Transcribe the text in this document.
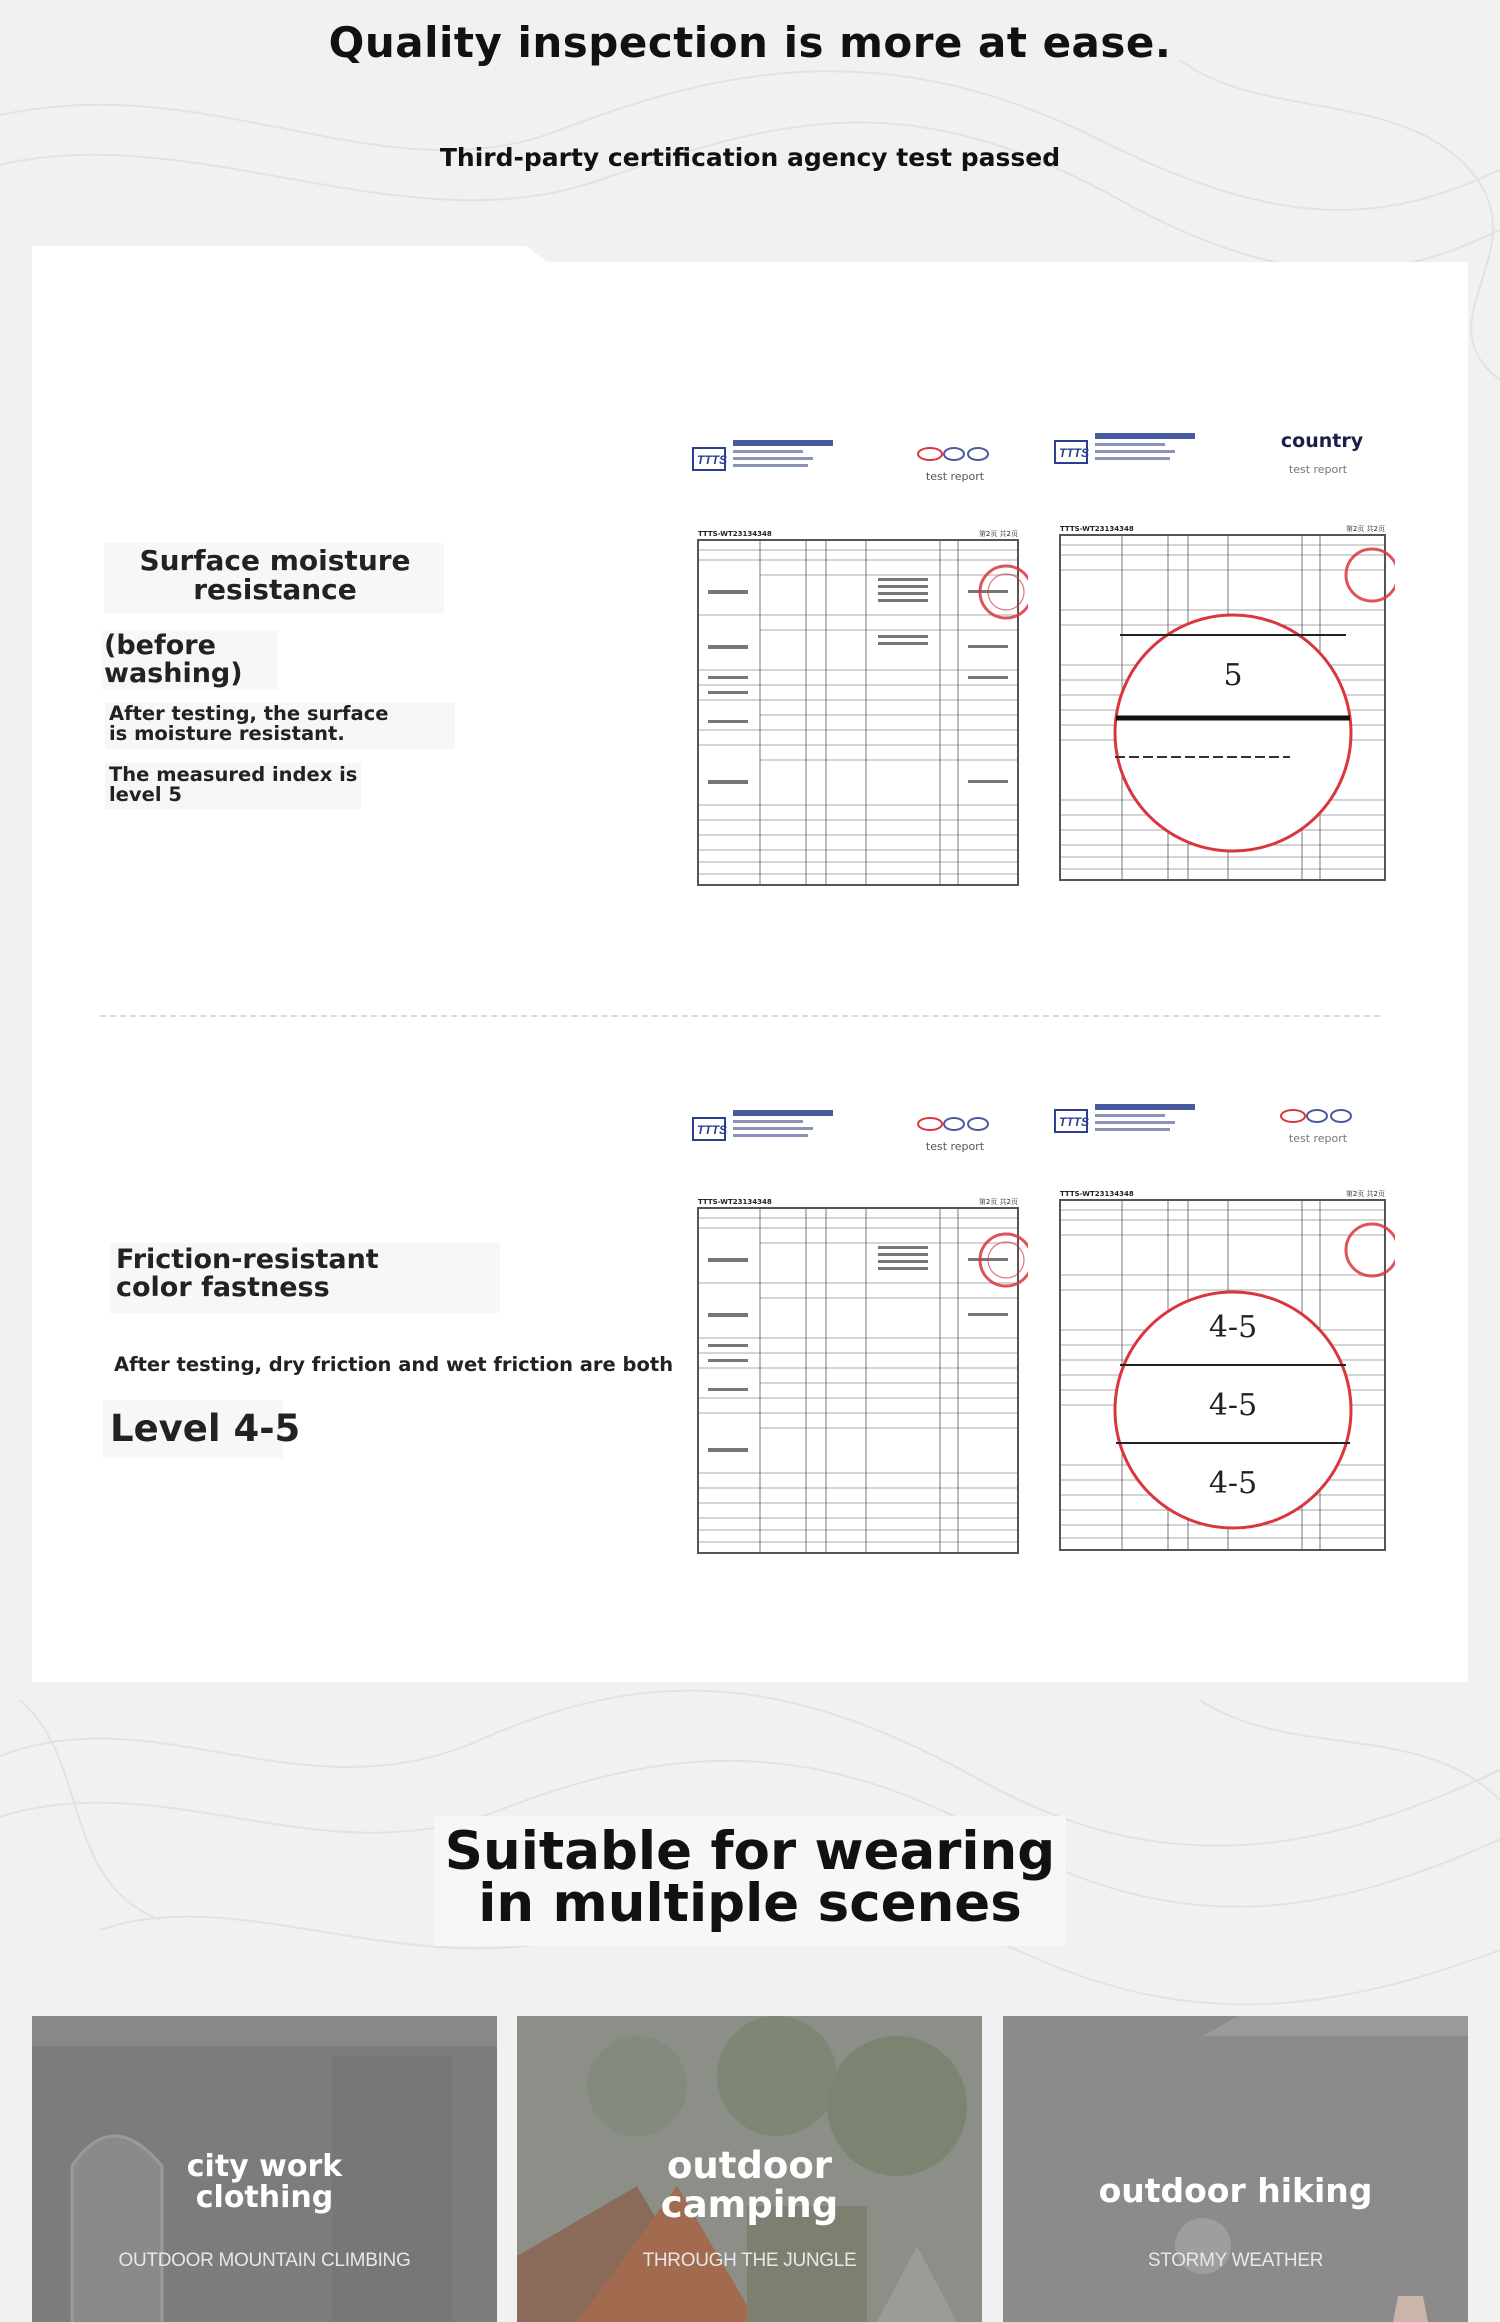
Quality inspection is more at ease.
Third-party certification agency test passed
Surface moisture resistance
(before washing)
After testing, the surface is moisture resistant.
The measured index is level 5
TTTS
test report
TTTS-WT23134348	第2页 共2页
TTTS
country
test report
TTTS-WT23134348	第2页 共2页
5
Friction-resistant color fastness
After testing, dry friction and wet friction are both
Level 4-5
TTTS
test report
TTTS-WT23134348	第2页 共2页
TTTS
test report
TTTS-WT23134348	第2页 共2页
4-5
4-5
4-5
Suitable for wearing
in multiple scenes
city work clothing
OUTDOOR MOUNTAIN CLIMBING
outdoor camping
THROUGH THE JUNGLE
outdoor hiking
STORMY WEATHER
